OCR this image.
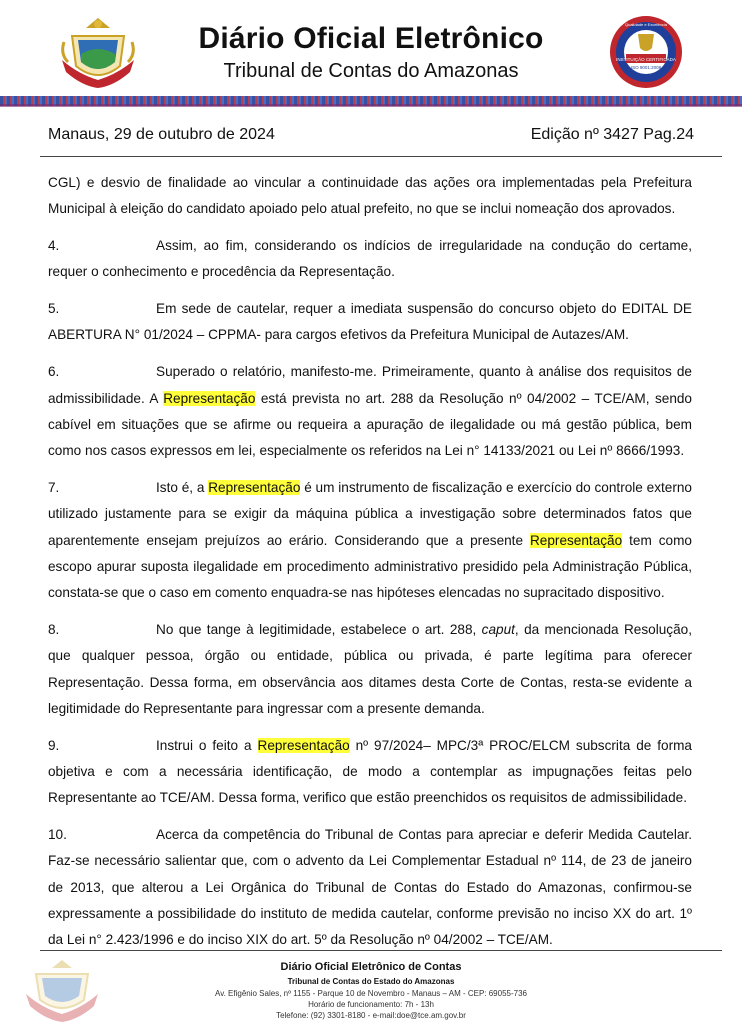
Diário Oficial Eletrônico
Tribunal de Contas do Amazonas
INSTITUIÇÃO CERTIFICADA
ISO 9001:2008
Qualidade e Excelência
Manaus, 29 de outubro de 2024	Edição nº 3427 Pag.24

CGL) e desvio de finalidade ao vincular a continuidade das ações ora implementadas pela Prefeitura Municipal à eleição do candidato apoiado pelo atual prefeito, no que se inclui nomeação dos aprovados.

4.	Assim, ao fim, considerando os indícios de irregularidade na condução do certame, requer o conhecimento e procedência da Representação.

5.	Em sede de cautelar, requer a imediata suspensão do concurso objeto do EDITAL DE ABERTURA N° 01/2024 – CPPMA- para cargos efetivos da Prefeitura Municipal de Autazes/AM.

6.	Superado o relatório, manifesto-me. Primeiramente, quanto à análise dos requisitos de admissibilidade. A Representação está prevista no art. 288 da Resolução nº 04/2002 – TCE/AM, sendo cabível em situações que se afirme ou requeira a apuração de ilegalidade ou má gestão pública, bem como nos casos expressos em lei, especialmente os referidos na Lei n° 14133/2021 ou Lei nº 8666/1993.

7.	Isto é, a Representação é um instrumento de fiscalização e exercício do controle externo utilizado justamente para se exigir da máquina pública a investigação sobre determinados fatos que aparentemente ensejam prejuízos ao erário. Considerando que a presente Representação tem como escopo apurar suposta ilegalidade em procedimento administrativo presidido pela Administração Pública, constata-se que o caso em comento enquadra-se nas hipóteses elencadas no supracitado dispositivo.

8.	No que tange à legitimidade, estabelece o art. 288, caput, da mencionada Resolução, que qualquer pessoa, órgão ou entidade, pública ou privada, é parte legítima para oferecer Representação. Dessa forma, em observância aos ditames desta Corte de Contas, resta-se evidente a legitimidade do Representante para ingressar com a presente demanda.

9.	Instrui o feito a Representação nº 97/2024– MPC/3ª PROC/ELCM subscrita de forma objetiva e com a necessária identificação, de modo a contemplar as impugnações feitas pelo Representante ao TCE/AM. Dessa forma, verifico que estão preenchidos os requisitos de admissibilidade.

10.	Acerca da competência do Tribunal de Contas para apreciar e deferir Medida Cautelar. Faz-se necessário salientar que, com o advento da Lei Complementar Estadual nº 114, de 23 de janeiro de 2013, que alterou a Lei Orgânica do Tribunal de Contas do Estado do Amazonas, confirmou-se expressamente a possibilidade do instituto de medida cautelar, conforme previsão no inciso XX do art. 1º da Lei n° 2.423/1996 e do inciso XIX do art. 5º da Resolução nº 04/2002 – TCE/AM.

Diário Oficial Eletrônico de Contas
Tribunal de Contas do Estado do Amazonas
Av. Efigênio Sales, nº 1155 - Parque 10 de Novembro - Manaus – AM - CEP: 69055-736
Horário de funcionamento: 7h - 13h
Telefone: (92) 3301-8180 - e-mail:doe@tce.am.gov.br
